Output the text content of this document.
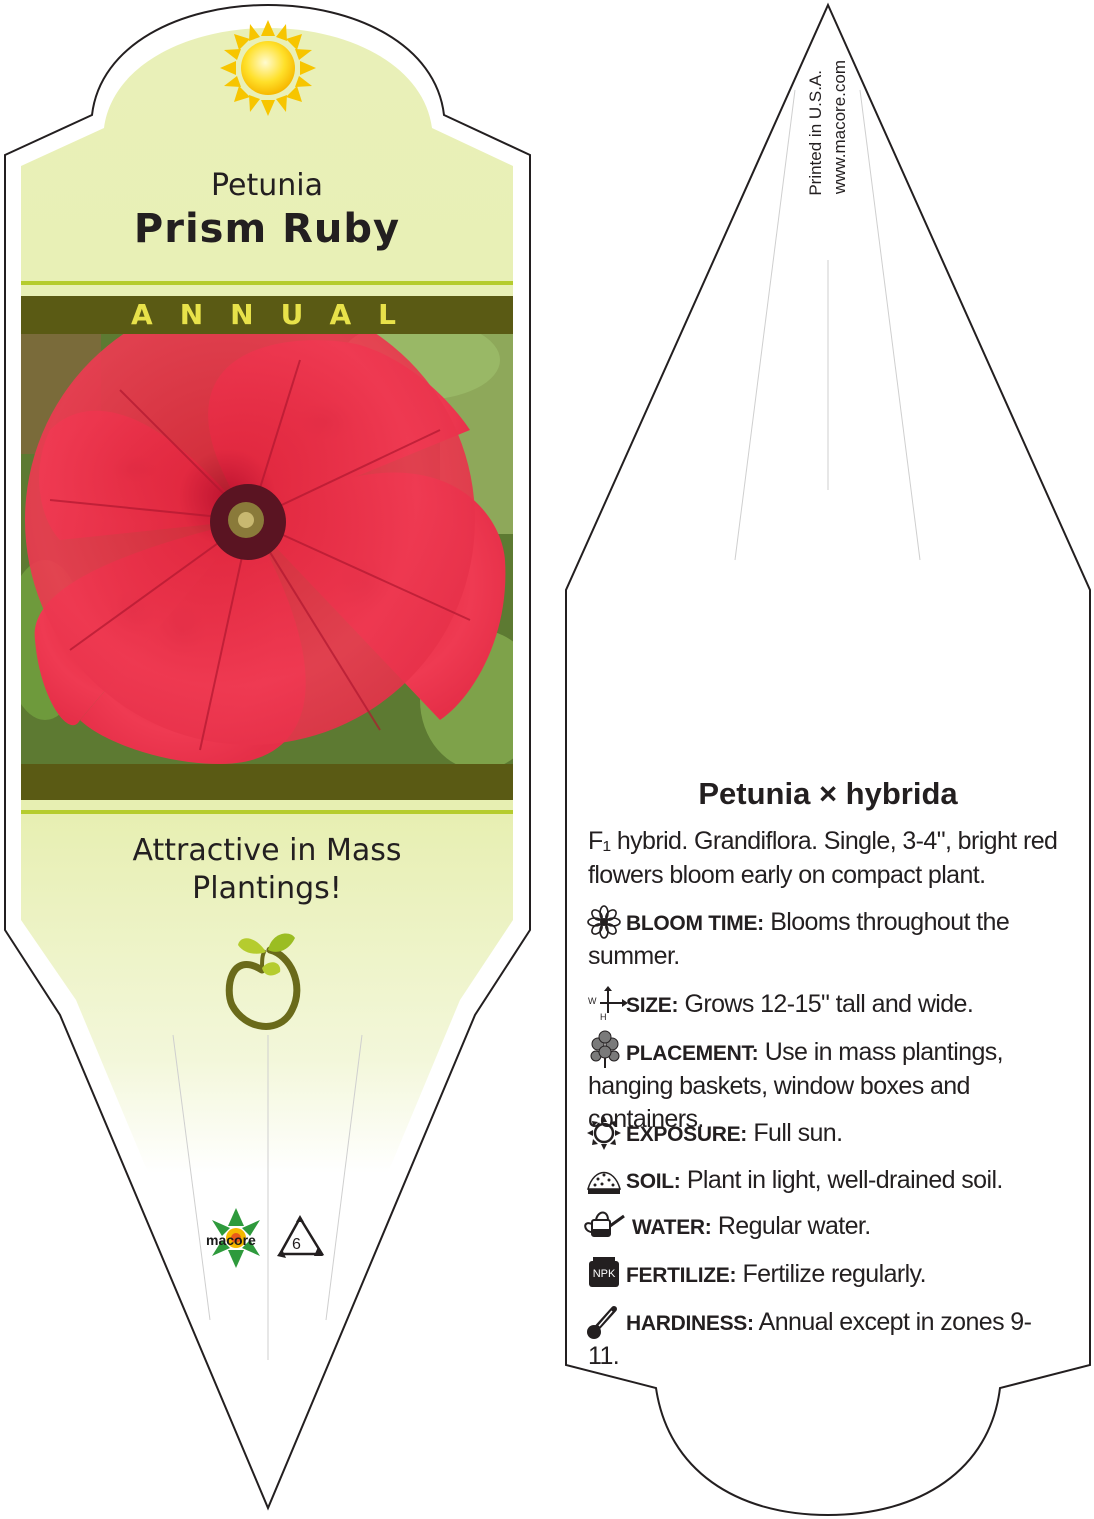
Petunia
Prism Ruby
ANNUAL
Attractive in Mass Plantings!
macore 6
Printed in U.S.A. www.macore.com
Petunia × hybrida
F₁ hybrid. Grandiflora. Single, 3-4", bright red flowers bloom early on compact plant.
BLOOM TIME: Blooms throughout the summer.
SIZE: Grows 12-15" tall and wide.
W
H
PLACEMENT: Use in mass plantings, hanging baskets, window boxes and containers.
EXPOSURE: Full sun.
SOIL: Plant in light, well-drained soil.
WATER: Regular water.
FERTILIZE: Fertilize regularly.
NPK
HARDINESS: Annual except in zones 9-11.
